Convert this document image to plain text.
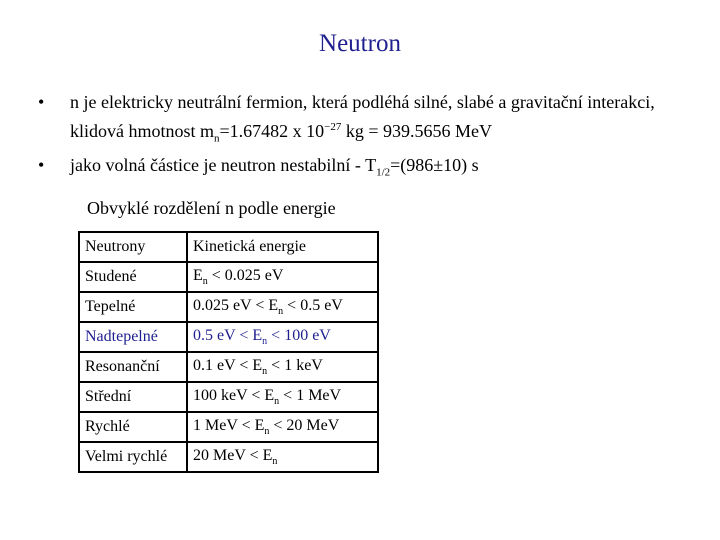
Neutron
•	n je elektricky neutrální fermion, která podléhá silné, slabé a gravitační interakci, klidová hmotnost $m_n=1.67482$ x $10^{-27}$ kg = 939.5656 MeV
•	jako volná částice je neutron nestabilní - $T_{1/2}=(986\pm 10)$ s
Obvyklé rozdělení n podle energie
Neutrony	Kinetická energie
Studené	$E_n < 0.025$ eV
Tepelné	0.025 eV < $E_n < 0.5$ eV
Nadtepelné	0.5 eV < $E_n < 100$ eV
Resonanční	0.1 eV < $E_n < 1$ keV
Střední	100 keV < $E_n < 1$ MeV
Rychlé	1 MeV < $E_n < 20$ MeV
Velmi rychlé	20 MeV < $E_n$
